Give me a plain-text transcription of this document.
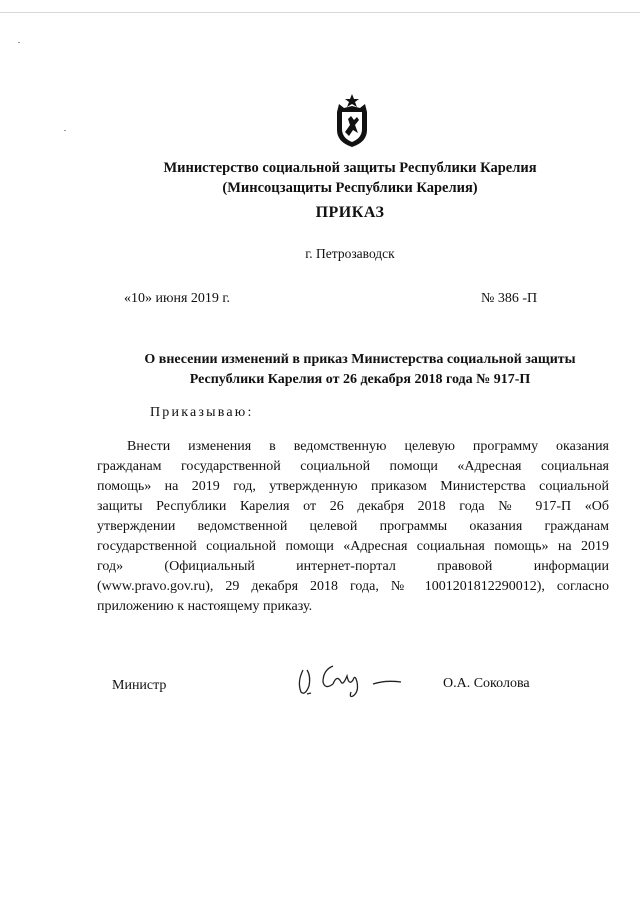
Министерство социальной защиты Республики Карелия
(Минсоцзащиты Республики Карелия)
ПРИКАЗ
г. Петрозаводск
«10» июня 2019 г.	№ 386 -П
О внесении изменений в приказ Министерства социальной защиты
Республики Карелия от 26 декабря 2018 года № 917-П
Приказываю:
Внести изменения в ведомственную целевую программу оказания
гражданам государственной социальной помощи «Адресная социальная
помощь» на 2019 год, утвержденную приказом Министерства социальной
защиты Республики Карелия от 26 декабря 2018 года № 917-П «Об
утверждении ведомственной целевой программы оказания гражданам
государственной социальной помощи «Адресная социальная помощь» на 2019
год» (Официальный интернет-портал правовой информации
(www.pravo.gov.ru), 29 декабря 2018 года, № 1001201812290012), согласно
приложению к настоящему приказу.
Министр	О.А. Соколова
